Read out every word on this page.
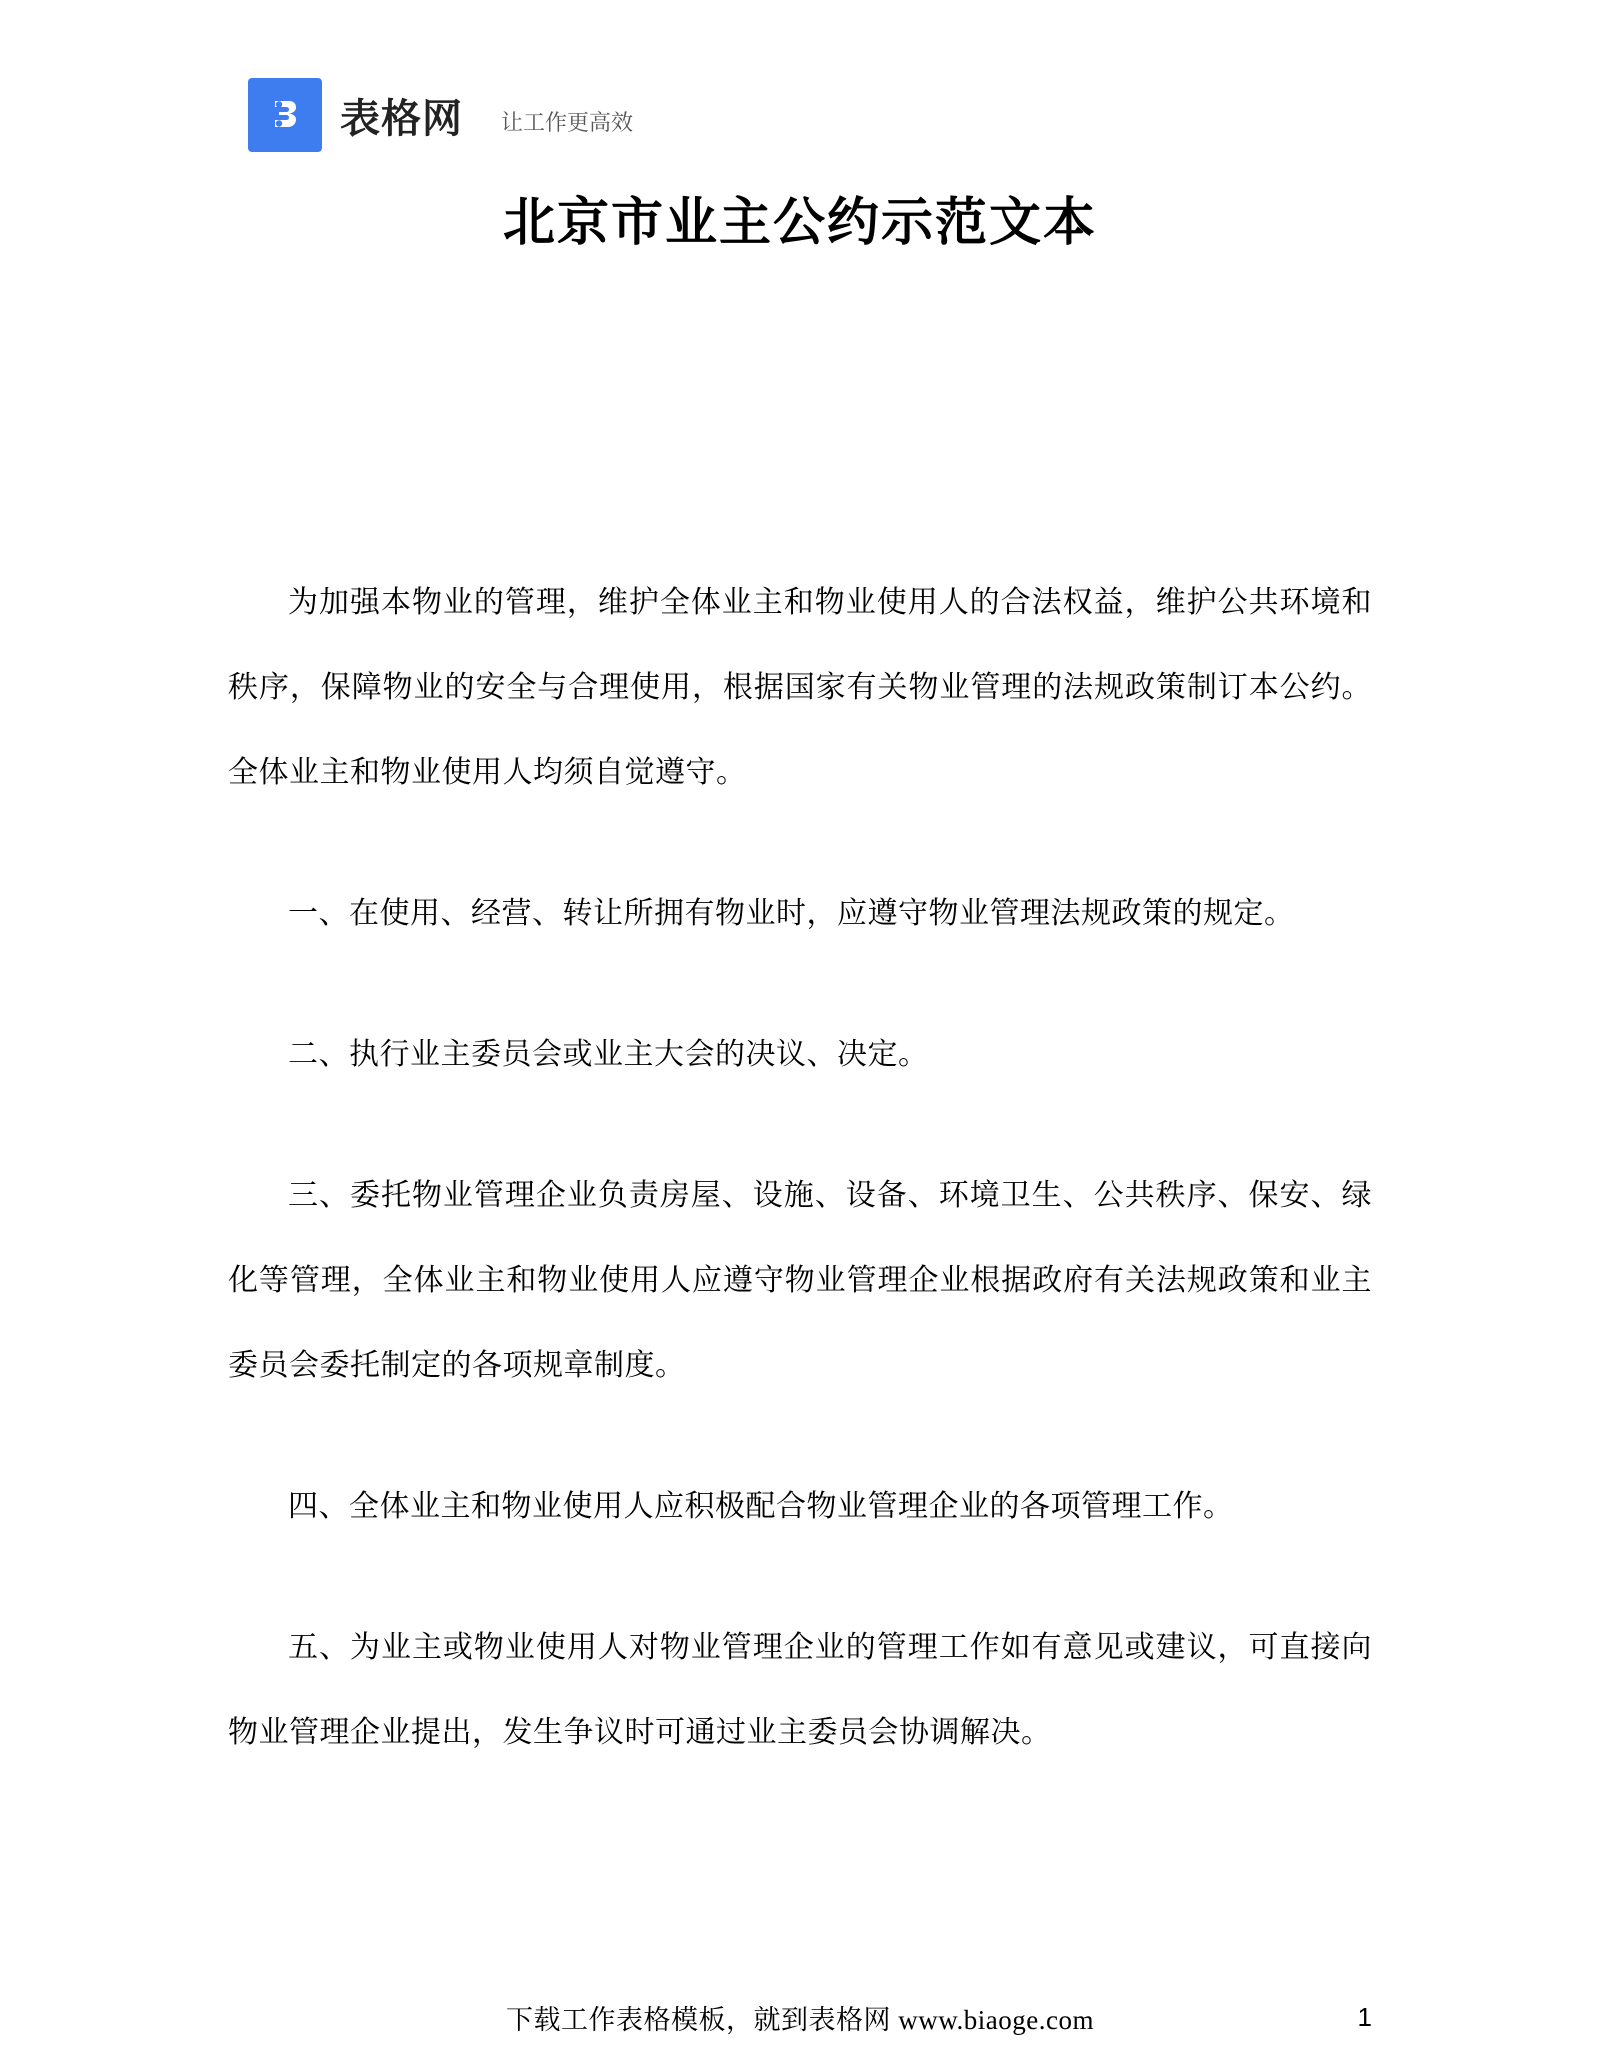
表格网 让工作更高效
北京市业主公约示范文本

为加强本物业的管理，维护全体业主和物业使用人的合法权益，维护公共环境和秩序，保障物业的安全与合理使用，根据国家有关物业管理的法规政策制订本公约。全体业主和物业使用人均须自觉遵守。

一、在使用、经营、转让所拥有物业时，应遵守物业管理法规政策的规定。

二、执行业主委员会或业主大会的决议、决定。

三、委托物业管理企业负责房屋、设施、设备、环境卫生、公共秩序、保安、绿化等管理，全体业主和物业使用人应遵守物业管理企业根据政府有关法规政策和业主委员会委托制定的各项规章制度。

四、全体业主和物业使用人应积极配合物业管理企业的各项管理工作。

五、为业主或物业使用人对物业管理企业的管理工作如有意见或建议，可直接向物业管理企业提出，发生争议时可通过业主委员会协调解决。

下载工作表格模板，就到表格网 www.biaoge.com	1
